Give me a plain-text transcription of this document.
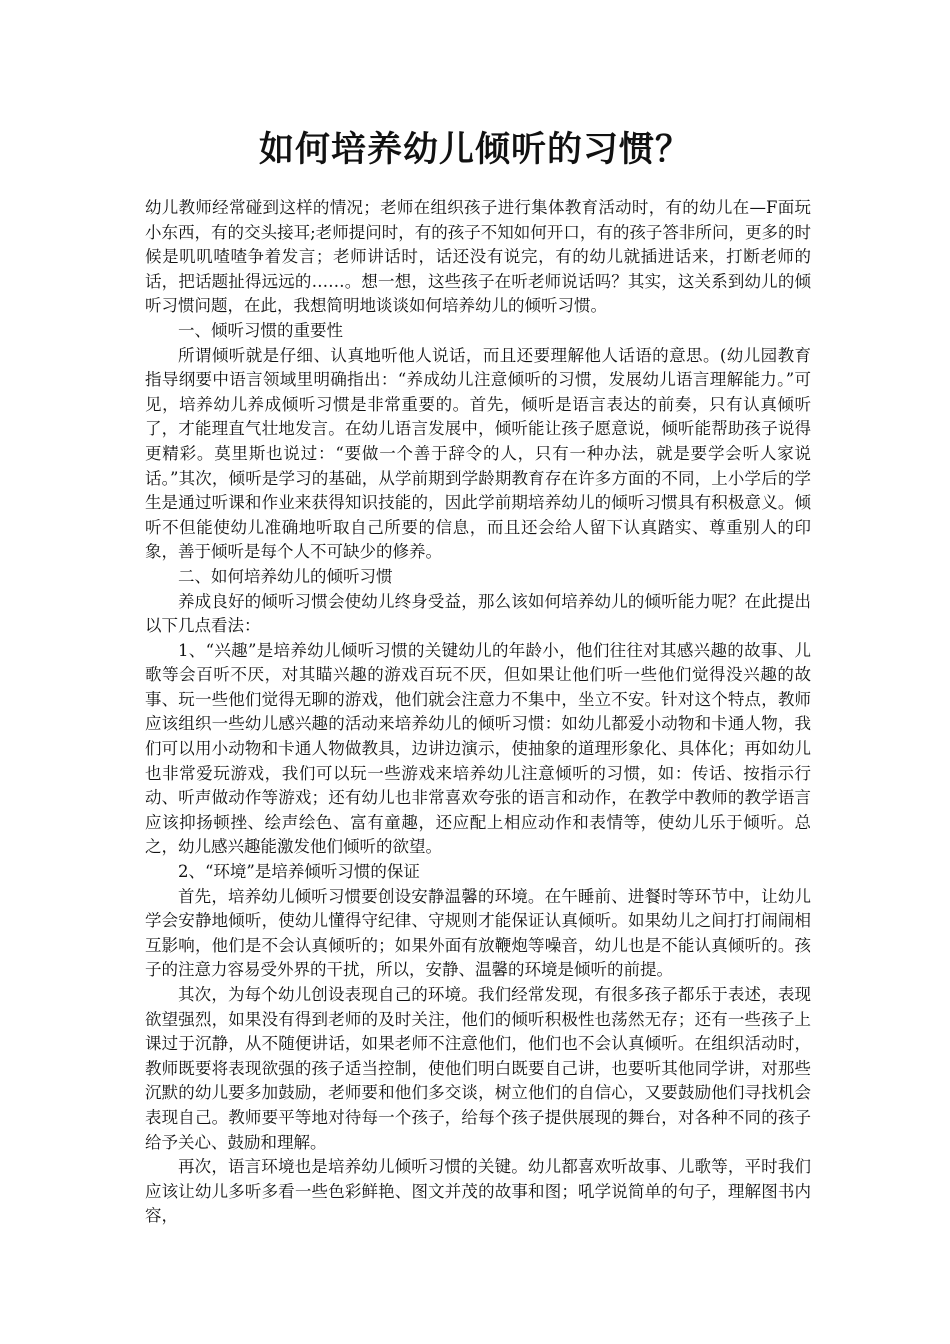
如何培养幼儿倾听的习惯？

幼儿教师经常碰到这样的情况；老师在组织孩子进行集体教育活动时，有的幼儿在—F面玩小东西，有的交头接耳;老师提问时，有的孩子不知如何开口，有的孩子答非所问，更多的时候是叽叽喳喳争着发言；老师讲话时，话还没有说完，有的幼儿就插进话来，打断老师的话，把话题扯得远远的……。想一想，这些孩子在听老师说话吗？其实，这关系到幼儿的倾听习惯问题，在此，我想简明地谈谈如何培养幼儿的倾听习惯。

一、倾听习惯的重要性

所谓倾听就是仔细、认真地听他人说话，而且还要理解他人话语的意思。(幼儿园教育指导纲要中语言领域里明确指出：“养成幼儿注意倾听的习惯，发展幼儿语言理解能力。”可见，培养幼儿养成倾听习惯是非常重要的。首先，倾听是语言表达的前奏，只有认真倾听了，才能理直气壮地发言。在幼儿语言发展中，倾听能让孩子愿意说，倾听能帮助孩子说得更精彩。莫里斯也说过：“要做一个善于辞令的人，只有一种办法，就是要学会听人家说话。”其次，倾听是学习的基础，从学前期到学龄期教育存在许多方面的不同，上小学后的学生是通过听课和作业来获得知识技能的，因此学前期培养幼儿的倾听习惯具有积极意义。倾听不但能使幼儿准确地听取自己所要的信息，而且还会给人留下认真踏实、尊重别人的印象，善于倾听是每个人不可缺少的修养。

二、如何培养幼儿的倾听习惯

养成良好的倾听习惯会使幼儿终身受益，那么该如何培养幼儿的倾听能力呢？在此提出以下几点看法：

1、“兴趣”是培养幼儿倾听习惯的关键幼儿的年龄小，他们往往对其感兴趣的故事、儿歌等会百听不厌，对其瞄兴趣的游戏百玩不厌，但如果让他们听一些他们觉得没兴趣的故事、玩一些他们觉得无聊的游戏，他们就会注意力不集中，坐立不安。针对这个特点，教师应该组织一些幼儿感兴趣的活动来培养幼儿的倾听习惯：如幼儿都爱小动物和卡通人物，我们可以用小动物和卡通人物做教具，边讲边演示，使抽象的道理形象化、具体化；再如幼儿也非常爱玩游戏，我们可以玩一些游戏来培养幼儿注意倾听的习惯，如：传话、按指示行动、听声做动作等游戏；还有幼儿也非常喜欢夸张的语言和动作，在教学中教师的教学语言应该抑扬顿挫、绘声绘色、富有童趣，还应配上相应动作和表情等，使幼儿乐于倾听。总之，幼儿感兴趣能激发他们倾听的欲望。

2、“环境”是培养倾听习惯的保证

首先，培养幼儿倾听习惯要创设安静温馨的环境。在午睡前、进餐时等环节中，让幼儿学会安静地倾听，使幼儿懂得守纪律、守规则才能保证认真倾听。如果幼儿之间打打闹闹相互影响，他们是不会认真倾听的；如果外面有放鞭炮等噪音，幼儿也是不能认真倾听的。孩子的注意力容易受外界的干扰，所以，安静、温馨的环境是倾听的前提。

其次，为每个幼儿创设表现自己的环境。我们经常发现，有很多孩子都乐于表述，表现欲望强烈，如果没有得到老师的及时关注，他们的倾听积极性也荡然无存；还有一些孩子上课过于沉静，从不随便讲话，如果老师不注意他们，他们也不会认真倾听。在组织活动时，教师既要将表现欲强的孩子适当控制，使他们明白既要自己讲，也要听其他同学讲，对那些沉默的幼儿要多加鼓励，老师要和他们多交谈，树立他们的自信心，又要鼓励他们寻找机会表现自己。教师要平等地对待每一个孩子，给每个孩子提供展现的舞台，对各种不同的孩子给予关心、鼓励和理解。

再次，语言环境也是培养幼儿倾听习惯的关键。幼儿都喜欢听故事、儿歌等，平时我们应该让幼儿多听多看一些色彩鲜艳、图文并茂的故事和图；吼学说简单的句子，理解图书内容，
